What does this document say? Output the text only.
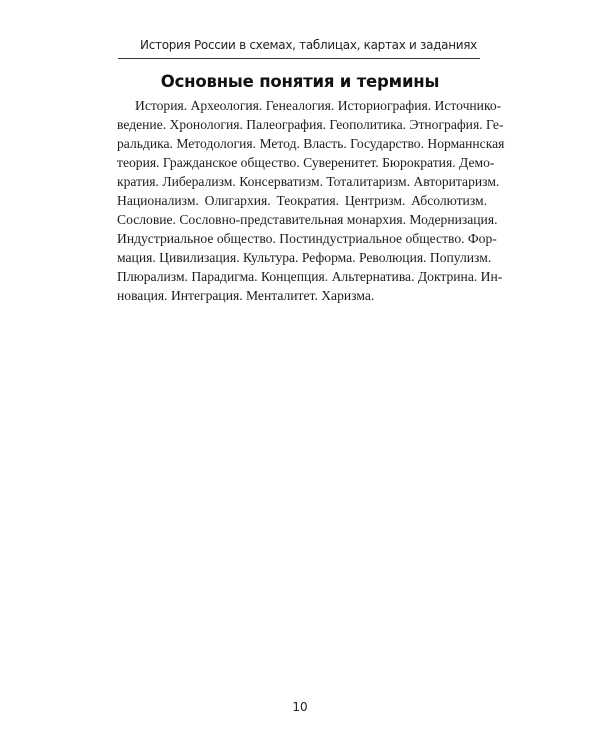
История России в схемах, таблицах, картах и заданиях
Основные понятия и термины
История. Археология. Генеалогия. Историография. Источнико-
ведение. Хронология. Палеография. Геополитика. Этнография. Ге-
ральдика. Методология. Метод. Власть. Государство. Норманнская
теория. Гражданское общество. Суверенитет. Бюрократия. Демо-
кратия. Либерализм. Консерватизм. Тоталитаризм. Авторитаризм.
Национализм. Олигархия. Теократия. Центризм. Абсолютизм.
Сословие. Сословно-представительная монархия. Модернизация.
Индустриальное общество. Постиндустриальное общество. Фор-
мация. Цивилизация. Культура. Реформа. Революция. Популизм.
Плюрализм. Парадигма. Концепция. Альтернатива. Доктрина. Ин-
новация. Интеграция. Менталитет. Харизма.
10
